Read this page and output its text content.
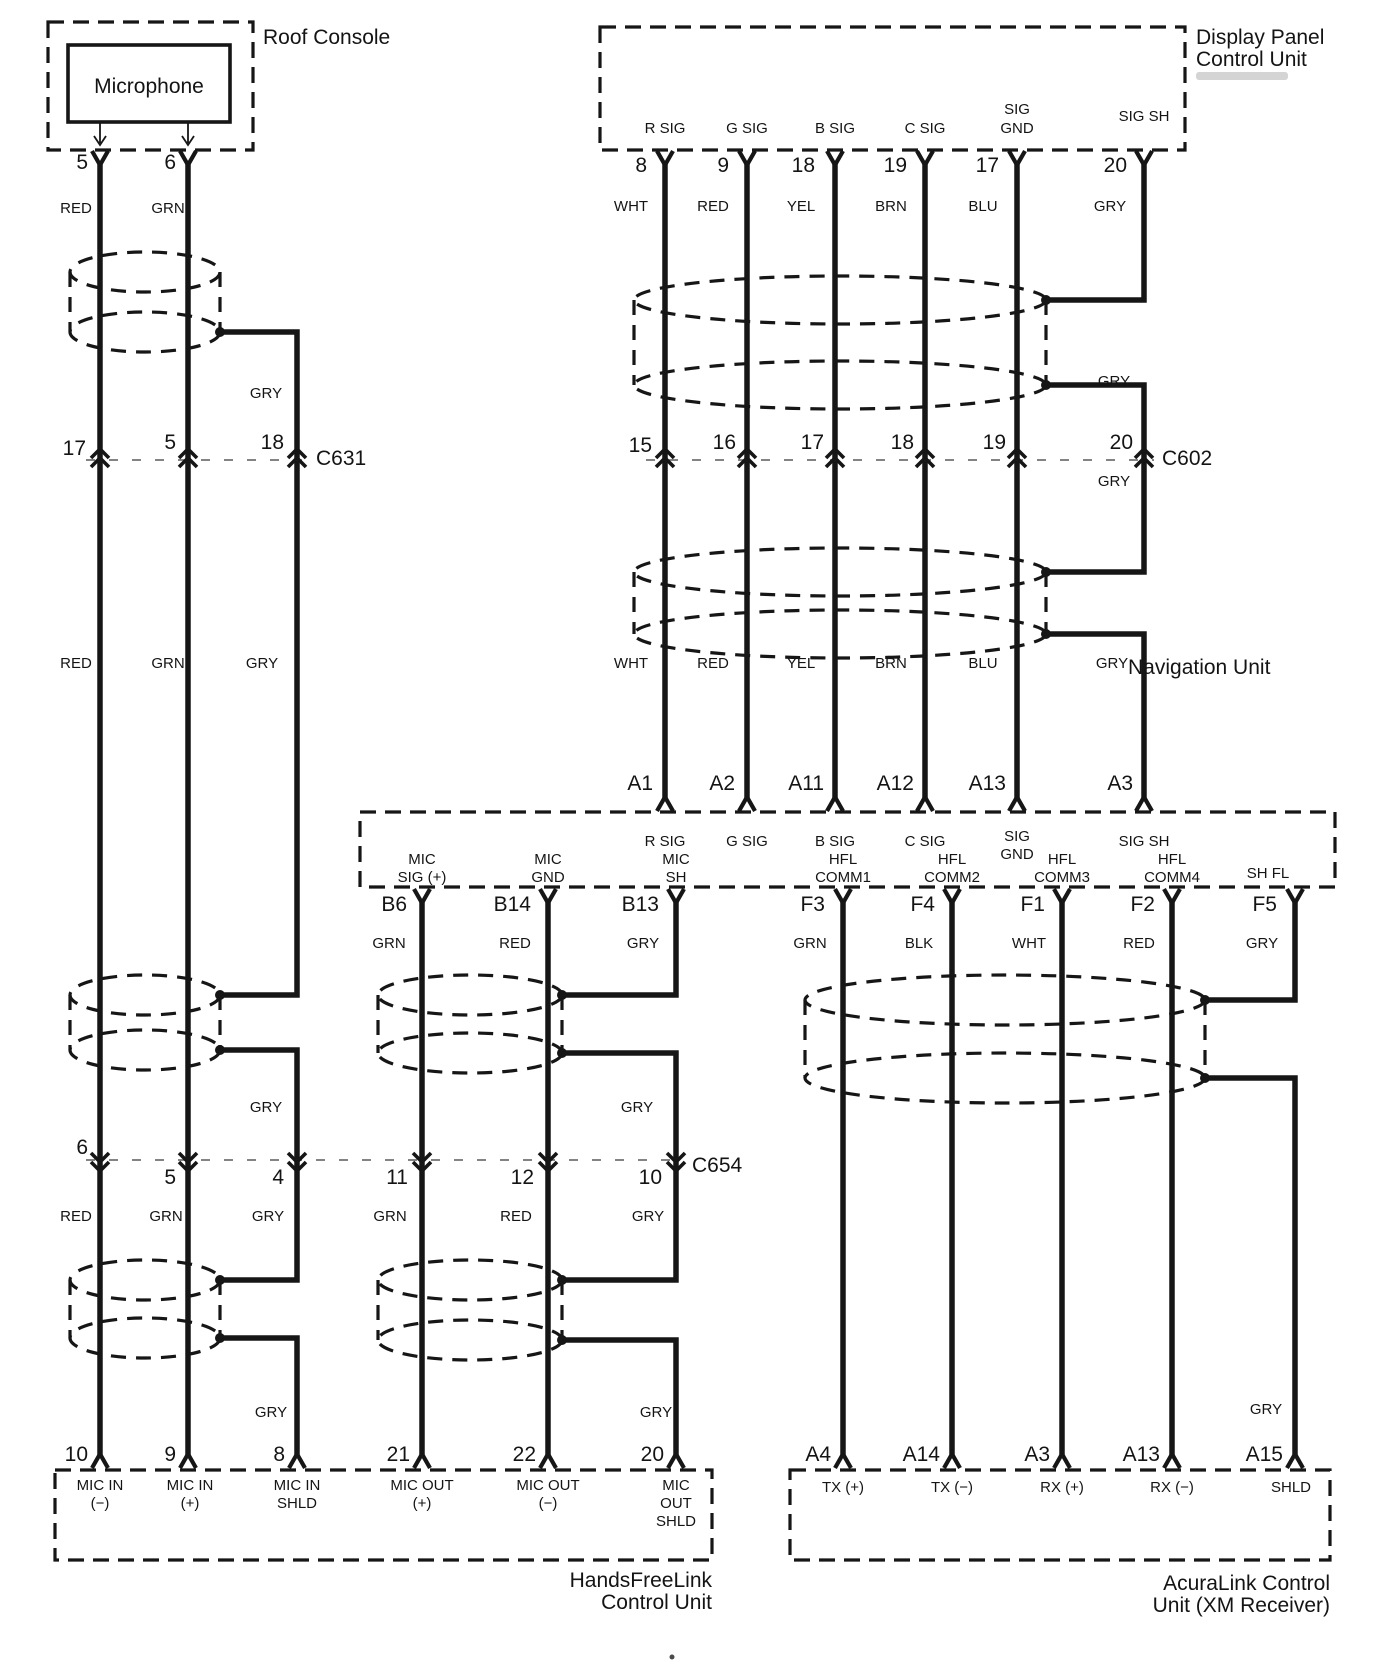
Roof Console
Microphone
5	6
RED	GRN
Display Panel
Control Unit
R SIG	G SIG	B SIG	C SIG
SIG
GND
SIG SH
8	9	18	19	17	20
WHT	RED	YEL	BRN	BLU	GRY
17	5	18
C631
15	16	17	18	19	20
C602
GRY
GRY
GRY
RED	GRN	GRY	WHT	RED	YEL	BRN	BLU	GRY Navigation Unit
A1	A2	A11	A12	A13	A3
R SIG	G SIG	B SIG	C SIG	SIG
GND
SIG SH
MIC
SIG (+)
MIC
GND
MIC
SH
HFL
COMM1
HFL
COMM2
HFL
COMM3
HFL
COMM4	SH FL
B6	B14	B13	F3	F4	F1	F2	F5
GRN	RED	GRY	GRN	BLK	WHT	RED	GRY
GRY	GRY
6
5	4	11	12	10
C654
RED	GRN	GRY	GRN	RED	GRY
GRY	GRY	GRY
10	9	8	21	22	20
MIC IN
(−)
MIC IN
(+)
MIC IN
SHLD
MIC OUT
(+)
MIC OUT
(−)
MIC
OUT
SHLD
HandsFreeLink
Control Unit
A4	A14	A3	A13	A15
TX (+)	TX (−)	RX (+)	RX (−)	SHLD
AcuraLink Control
Unit (XM Receiver)
